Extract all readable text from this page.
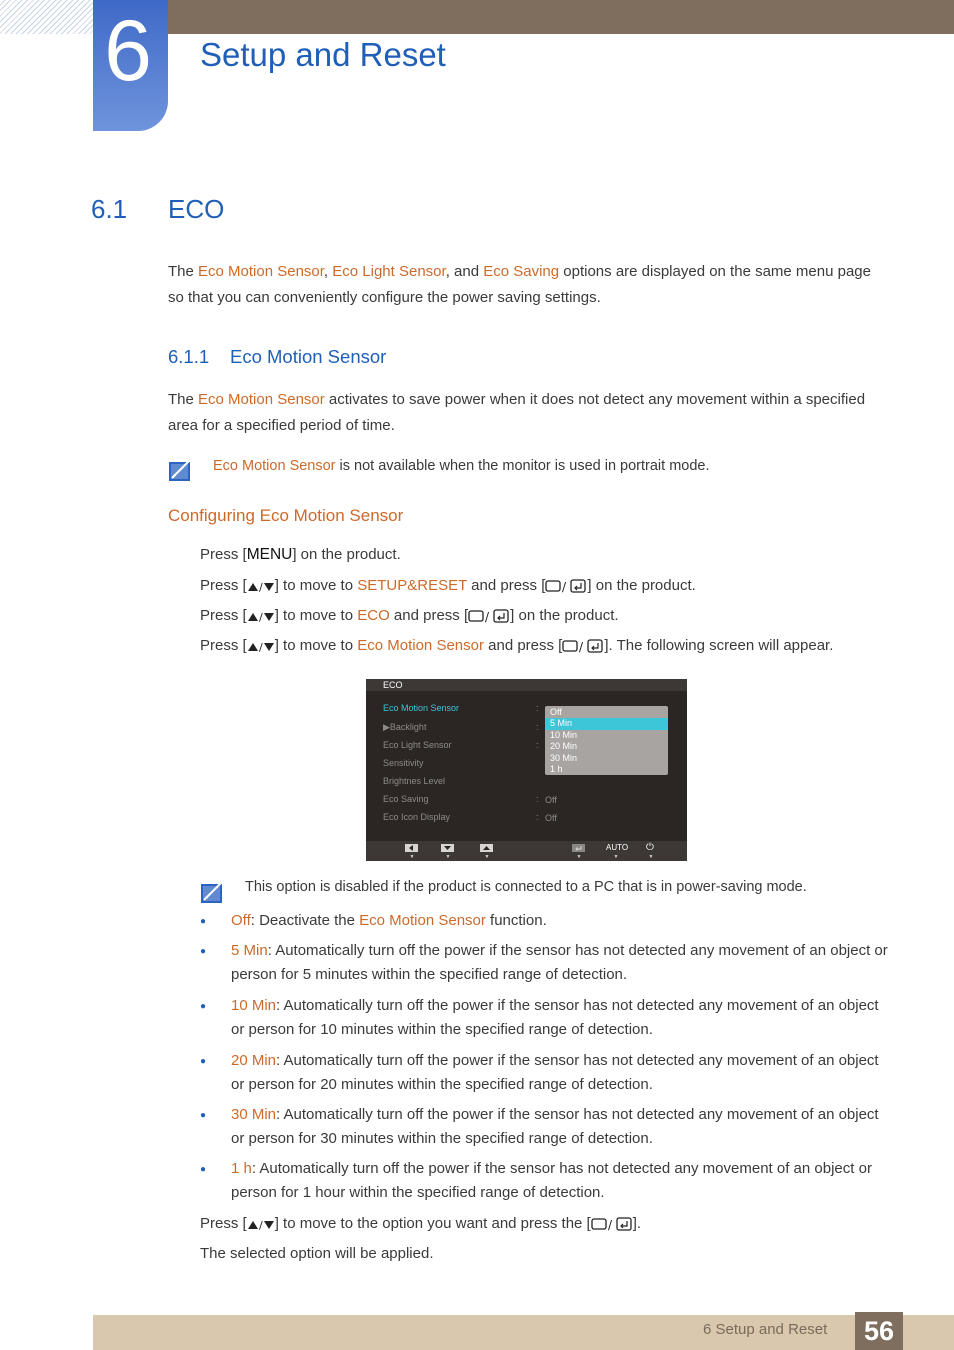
6	Setup and Reset
6.1 ECO
The Eco Motion Sensor, Eco Light Sensor, and Eco Saving options are displayed on the same menu page so that you can conveniently configure the power saving settings.
6.1.1 Eco Motion Sensor
The Eco Motion Sensor activates to save power when it does not detect any movement within a specified area for a specified period of time.
Eco Motion Sensor is not available when the monitor is used in portrait mode.
Configuring Eco Motion Sensor
Press [MENU] on the product.
Press [ / ] to move to SETUP&RESET and press [ / ] on the product.
Press [ / ] to move to ECO and press [ / ] on the product.
Press [ / ] to move to Eco Motion Sensor and press [ / ]. The following screen will appear.
ECO
Eco Motion Sensor
▶Backlight
Eco Light Sensor
Sensitivity
Brightnes Level
Eco Saving
Eco Icon Display
:
:
:
:
:
Off
Off
Off
5 Min
10 Min
20 Min
30 Min
1 h
▼	▼	▼	▼	▼	▼
AUTO ⏻
This option is disabled if the product is connected to a PC that is in power-saving mode.
● Off: Deactivate the Eco Motion Sensor function.
● 5 Min: Automatically turn off the power if the sensor has not detected any movement of an object or person for 5 minutes within the specified range of detection.
● 10 Min: Automatically turn off the power if the sensor has not detected any movement of an object or person for 10 minutes within the specified range of detection.
● 20 Min: Automatically turn off the power if the sensor has not detected any movement of an object or person for 20 minutes within the specified range of detection.
● 30 Min: Automatically turn off the power if the sensor has not detected any movement of an object or person for 30 minutes within the specified range of detection.
● 1 h: Automatically turn off the power if the sensor has not detected any movement of an object or person for 1 hour within the specified range of detection.
Press [ / ] to move to the option you want and press the [ / ].
The selected option will be applied.
6 Setup and Reset	56
